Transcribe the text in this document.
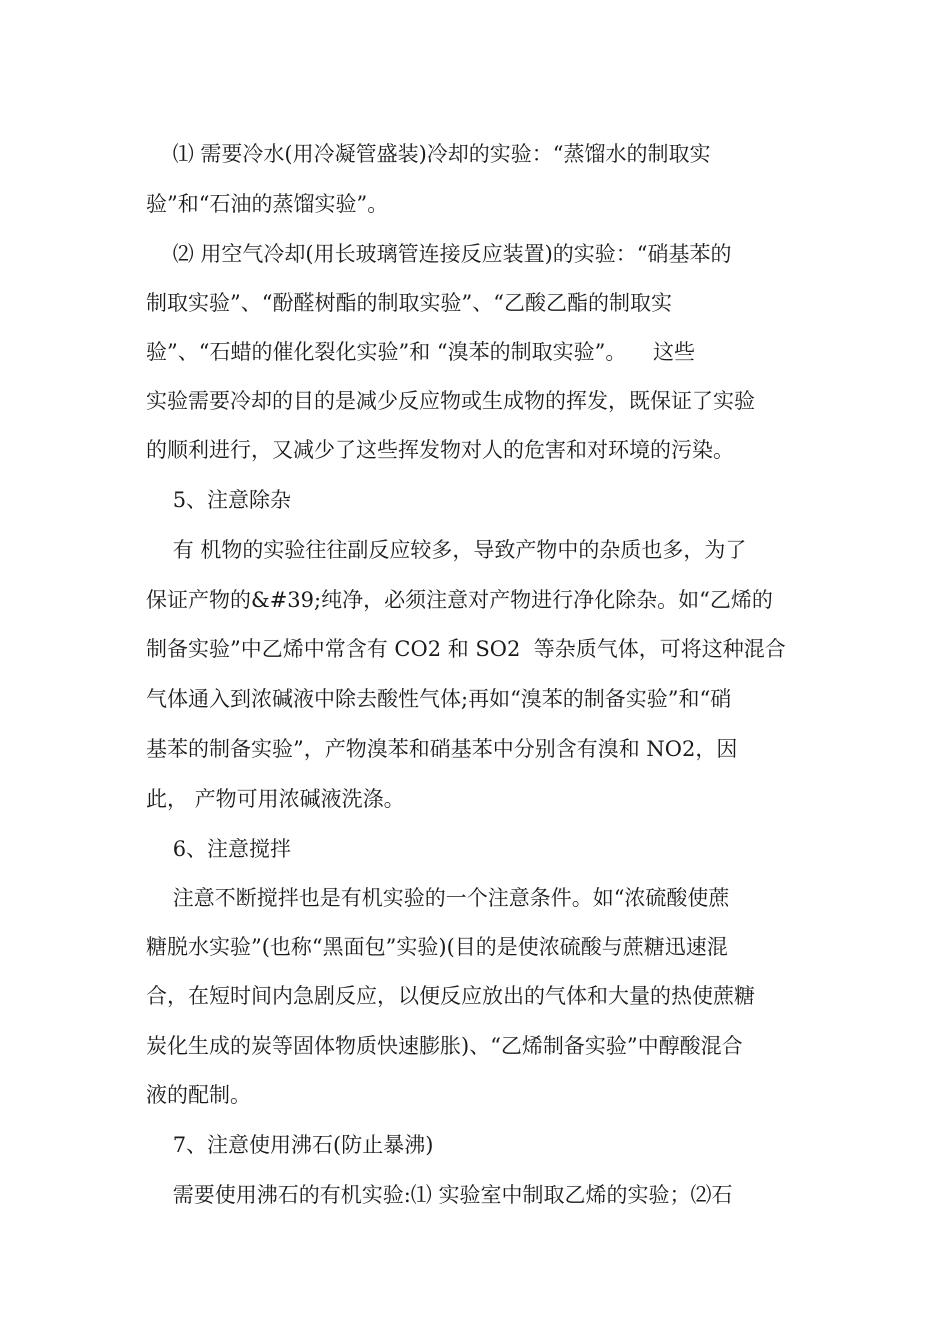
⑴ 需要冷水(用冷凝管盛装)冷却的实验：“蒸馏水的制取实
验”和“石油的蒸馏实验”。
⑵ 用空气冷却(用长玻璃管连接反应装置)的实验：“硝基苯的
制取实验”、“酚醛树酯的制取实验”、“乙酸乙酯的制取实
验”、“石蜡的催化裂化实验”和 “溴苯的制取实验”。    这些
实验需要冷却的目的是减少反应物或生成物的挥发，既保证了实验
的顺利进行，又减少了这些挥发物对人的危害和对环境的污染。
5、注意除杂
有 机物的实验往往副反应较多，导致产物中的杂质也多，为了
保证产物的&#39;纯净，必须注意对产物进行净化除杂。如“乙烯的
制备实验”中乙烯中常含有 CO2 和 SO2  等杂质气体，可将这种混合
气体通入到浓碱液中除去酸性气体;再如“溴苯的制备实验”和“硝
基苯的制备实验”，产物溴苯和硝基苯中分别含有溴和 NO2，因
此， 产物可用浓碱液洗涤。
6、注意搅拌
注意不断搅拌也是有机实验的一个注意条件。如“浓硫酸使蔗
糖脱水实验”(也称“黑面包”实验)(目的是使浓硫酸与蔗糖迅速混
合，在短时间内急剧反应，以便反应放出的气体和大量的热使蔗糖
炭化生成的炭等固体物质快速膨胀)、“乙烯制备实验”中醇酸混合
液的配制。
7、注意使用沸石(防止暴沸)
需要使用沸石的有机实验:⑴ 实验室中制取乙烯的实验；⑵石
